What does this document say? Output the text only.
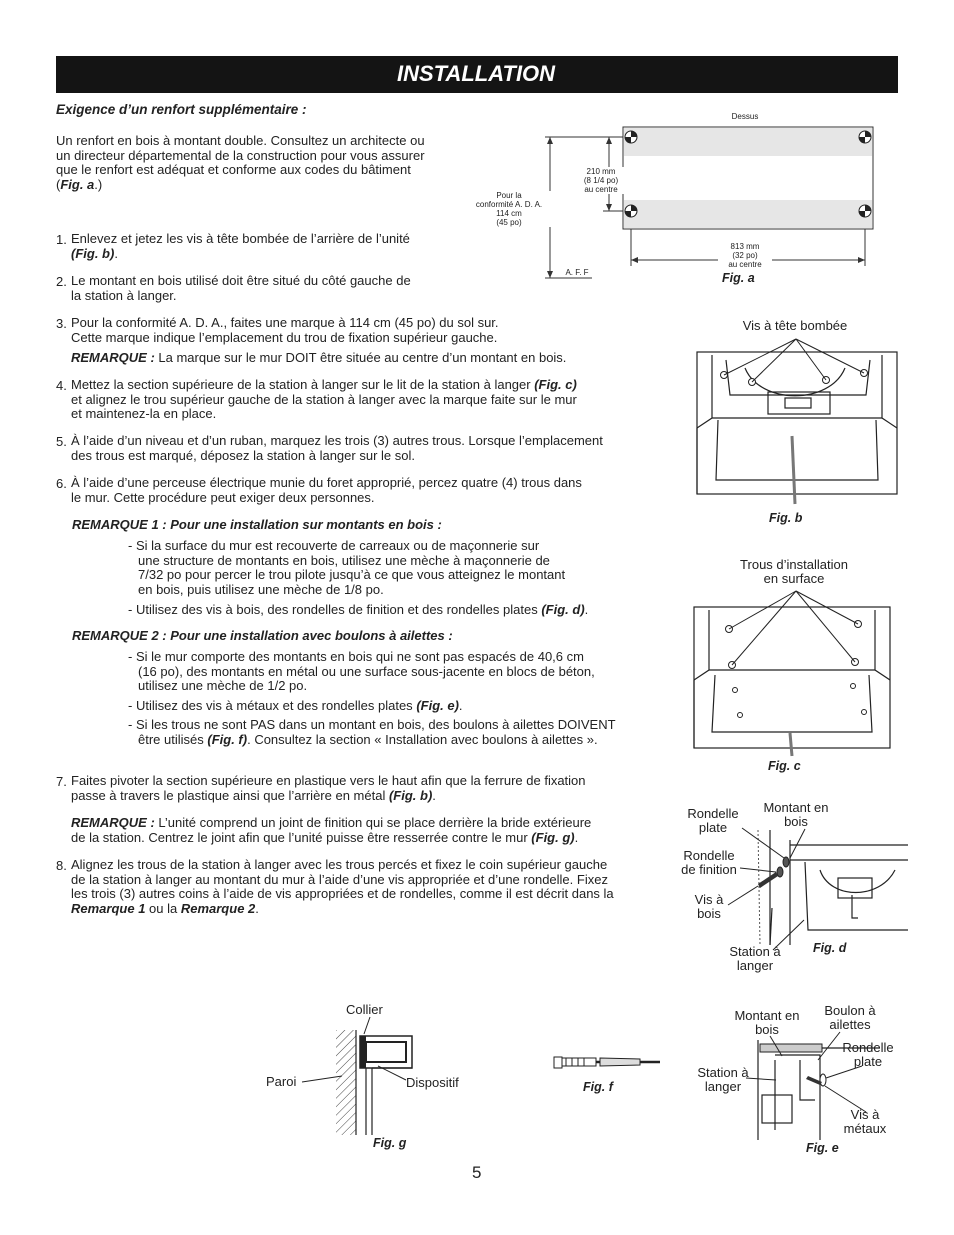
INSTALLATION
Exigence d’un renfort supplémentaire :

Un renfort en bois à montant double. Consultez un architecte ou

un directeur départemental de la construction pour vous assurer

que le renfort est adéquat et conforme aux codes du bâtiment

(Fig. a.)

1. Enlevez et jetez les vis à tête bombée de l’arrière de l’unité

(Fig. b).

2. Le montant en bois utilisé doit être situé du côté gauche de

la station à langer.

3. Pour la conformité A. D. A., faites une marque à 114 cm (45 po) du sol sur.

Cette marque indique l’emplacement du trou de fixation supérieur gauche.

REMARQUE : La marque sur le mur DOIT être située au centre d’un montant en bois.

4. Mettez la section supérieure de la station à langer sur le lit de la station à langer (Fig. c)

et alignez le trou supérieur gauche de la station à langer avec la marque faite sur le mur

et maintenez-la en place.

5. À l’aide d’un niveau et d’un ruban, marquez les trois (3) autres trous. Lorsque l’emplacement

des trous est marqué, déposez la station à langer sur le sol.

6. À l’aide d’une perceuse électrique munie du foret approprié, percez quatre (4) trous dans

le mur. Cette procédure peut exiger deux personnes.

REMARQUE 1 : Pour une installation sur montants en bois :

- Si la surface du mur est recouverte de carreaux ou de maçonnerie sur

une structure de montants en bois, utilisez une mèche à maçonnerie de

7/32 po pour percer le trou pilote jusqu’à ce que vous atteignez le montant

en bois, puis utilisez une mèche de 1/8 po.

- Utilisez des vis à bois, des rondelles de finition et des rondelles plates (Fig. d).

REMARQUE 2 : Pour une installation avec boulons à ailettes :

- Si le mur comporte des montants en bois qui ne sont pas espacés de 40,6 cm

(16 po), des montants en métal ou une surface sous-jacente en blocs de béton,

utilisez une mèche de 1/2 po.

- Utilisez des vis à métaux et des rondelles plates (Fig. e).

- Si les trous ne sont PAS dans un montant en bois, des boulons à ailettes DOIVENT

être utilisés (Fig. f). Consultez la section « Installation avec boulons à ailettes ».

7. Faites pivoter la section supérieure en plastique vers le haut afin que la ferrure de fixation

passe à travers le plastique ainsi que l’arrière en métal (Fig. b).

REMARQUE : L’unité comprend un joint de finition qui se place derrière la bride extérieure

de la station. Centrez le joint afin que l’unité puisse être resserrée contre le mur (Fig. g).

8. Alignez les trous de la station à langer avec les trous percés et fixez le coin supérieur gauche

de la station à langer au montant du mur à l’aide d’une vis appropriée et d’une rondelle. Fixez

les trois (3) autres coins à l’aide de vis appropriées et de rondelles, comme il est décrit dans la

Remarque 1 ou la Remarque 2.

Dessus
210 mm
(8 1/4 po)
au centre
Pour la
conformité A. D. A.
114 cm
(45 po)
813 mm
(32 po)
au centre
A. F. F	Fig. a
Vis à tête bombée
Fig. b
Trous d’installation
en surface
Fig. c
Rondelle
plate
Montant en
bois
Rondelle
de finition
Vis à
bois
Station à
langer
Fig. d
Montant en
bois
Boulon à
ailettes
Rondelle
plate
Station à
langer
Vis à
métaux
Fig. e
Fig. f
Collier
Paroi	Dispositif
Fig. g
5
